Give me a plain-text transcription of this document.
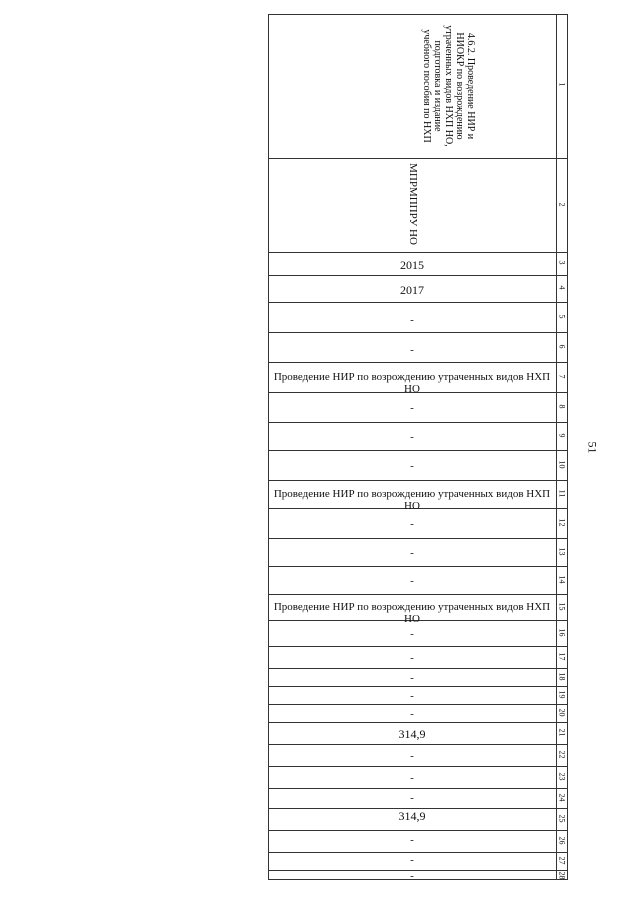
4.6.2. Проведение НИР и НИОКР по возрождению утраченных видов НХП НО, подготовка и издание учебного пособия по НХП
МПРМППРУ НО
2015
2017
-
-
Проведение НИР по возрождению утраченных видов НХП НО
-
-
-
Проведение НИР по возрождению утраченных видов НХП НО
-
-
-
Проведение НИР по возрождению утраченных видов НХП НО
-
-
-
-
-
314,9
-
-
-
314,9
-
-
-
1
2
3
4
5
6
7
8
9
10
11
12
13
14
15
16
17
18
19
20
21
22
23
24
25
26
27
28
51
